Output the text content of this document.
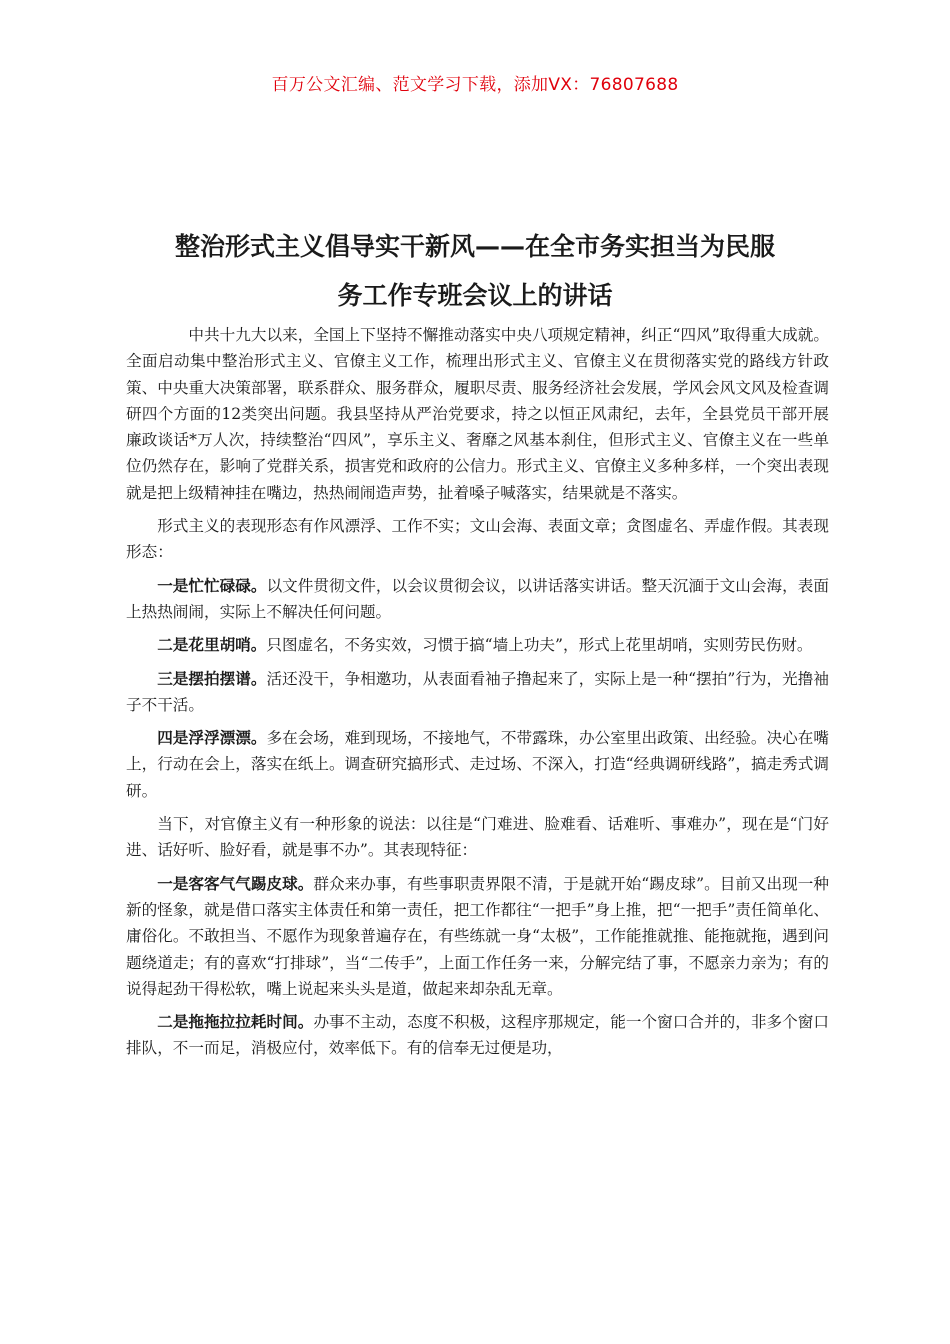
百万公文汇编、范文学习下载，添加VX：76807688
整治形式主义倡导实干新风——在全市务实担当为民服
务工作专班会议上的讲话

中共十九大以来，全国上下坚持不懈推动落实中央八项规定精神，纠正“四风”取得重大成就。全面启动集中整治形式主义、官僚主义工作，梳理出形式主义、官僚主义在贯彻落实党的路线方针政策、中央重大决策部署，联系群众、服务群众，履职尽责、服务经济社会发展，学风会风文风及检查调研四个方面的12类突出问题。我县坚持从严治党要求，持之以恒正风肃纪，去年，全县党员干部开展廉政谈话*万人次，持续整治“四风”，享乐主义、奢靡之风基本刹住，但形式主义、官僚主义在一些单位仍然存在，影响了党群关系，损害党和政府的公信力。形式主义、官僚主义多种多样，一个突出表现就是把上级精神挂在嘴边，热热闹闹造声势，扯着嗓子喊落实，结果就是不落实。

形式主义的表现形态有作风漂浮、工作不实；文山会海、表面文章；贪图虚名、弄虚作假。其表现形态：

一是忙忙碌碌。以文件贯彻文件，以会议贯彻会议，以讲话落实讲话。整天沉湎于文山会海，表面上热热闹闹，实际上不解决任何问题。

二是花里胡哨。只图虚名，不务实效，习惯于搞“墙上功夫”，形式上花里胡哨，实则劳民伤财。

三是摆拍摆谱。活还没干，争相邀功，从表面看袖子撸起来了，实际上是一种“摆拍”行为，光撸袖子不干活。

四是浮浮漂漂。多在会场，难到现场，不接地气，不带露珠，办公室里出政策、出经验。决心在嘴上，行动在会上，落实在纸上。调查研究搞形式、走过场、不深入，打造“经典调研线路”，搞走秀式调研。

当下，对官僚主义有一种形象的说法：以往是“门难进、脸难看、话难听、事难办”，现在是“门好进、话好听、脸好看，就是事不办”。其表现特征：

一是客客气气踢皮球。群众来办事，有些事职责界限不清，于是就开始“踢皮球”。目前又出现一种新的怪象，就是借口落实主体责任和第一责任，把工作都往“一把手”身上推，把“一把手”责任简单化、庸俗化。不敢担当、不愿作为现象普遍存在，有些练就一身“太极”，工作能推就推、能拖就拖，遇到问题绕道走；有的喜欢“打排球”，当“二传手”，上面工作任务一来，分解完结了事，不愿亲力亲为；有的说得起劲干得松软，嘴上说起来头头是道，做起来却杂乱无章。

二是拖拖拉拉耗时间。办事不主动，态度不积极，这程序那规定，能一个窗口合并的，非多个窗口排队，不一而足，消极应付，效率低下。有的信奉无过便是功，
